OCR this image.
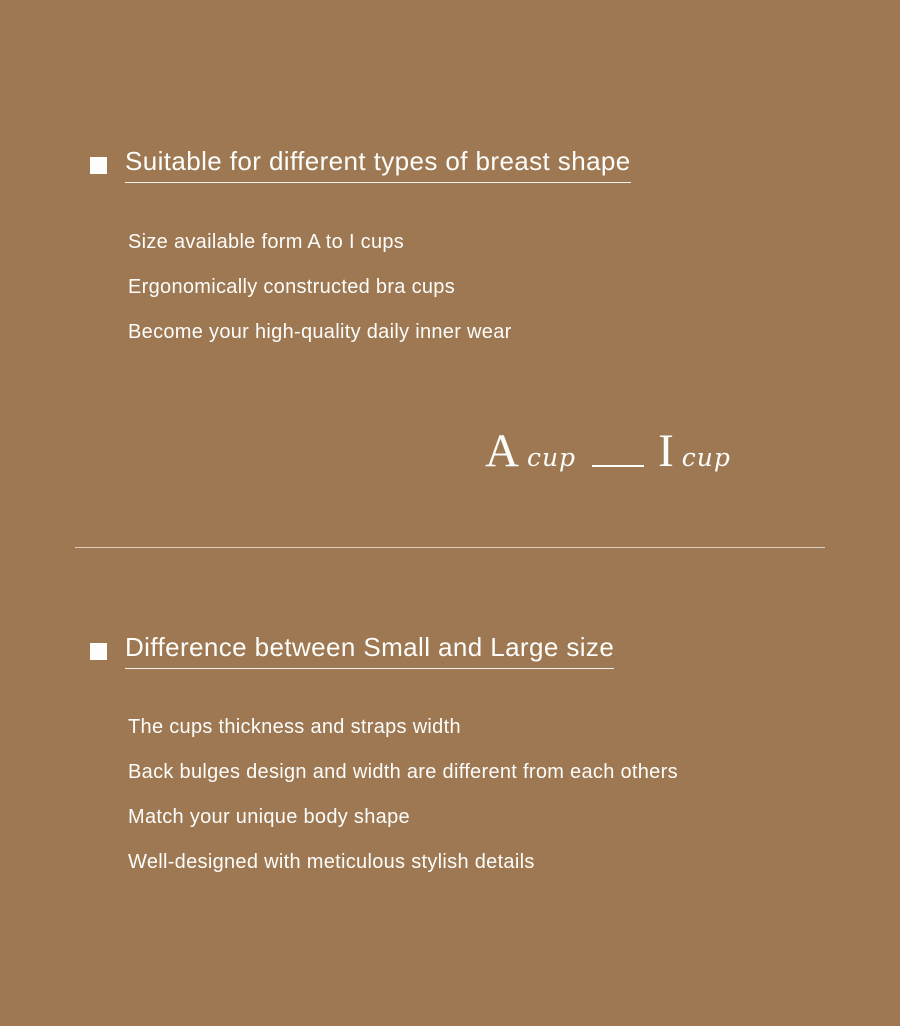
Suitable for different types of breast shape
Size available form A to I cups
Ergonomically constructed bra cups
Become your high-quality daily inner wear
A cup I cup
Difference between Small and Large size
The cups thickness and straps width
Back bulges design and width are different from each others
Match your unique body shape
Well-designed with meticulous stylish details
